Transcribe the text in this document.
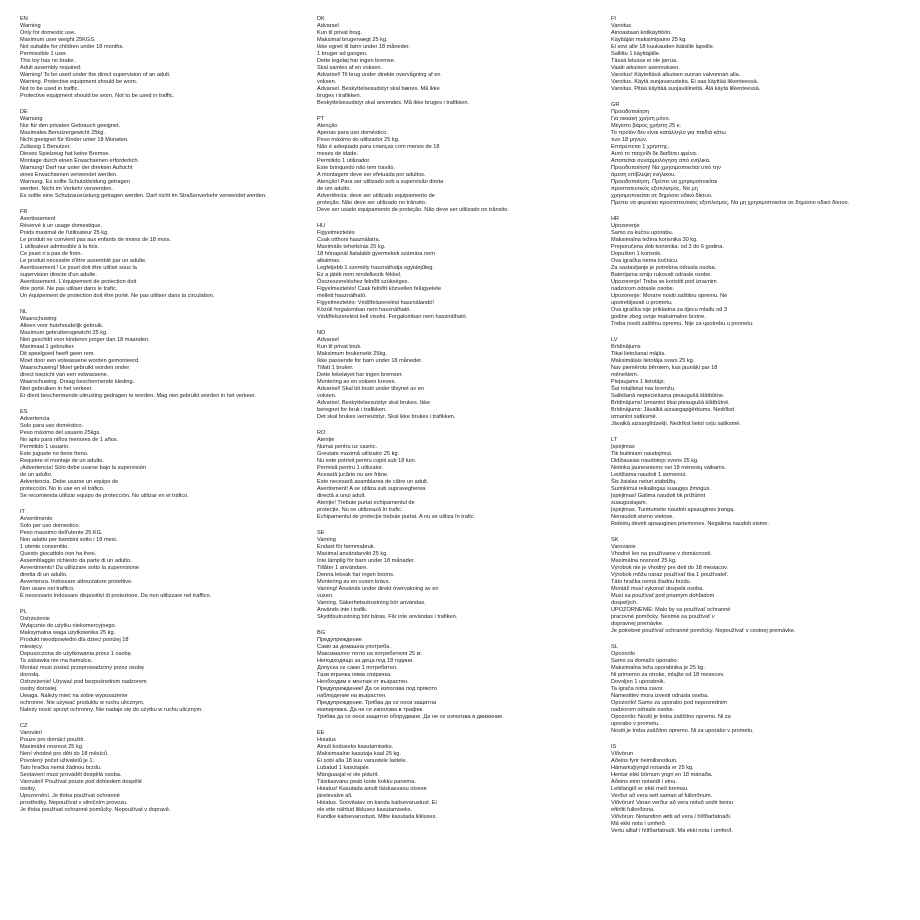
EN
Warning
Only for domestic use.
Maximum user weight 25KGS.
Not suitable for children under 18 months.
Permissible 1 user.
This toy has no brake.
Adult assembly required.
Warning! To be used under the direct supervision of an adult.
Warning. Protective equipment should be worn.
Not to be used in traffic.
Protective equipment should be worn. Not to be used in traffic.
DE
Warnung
Nur für den privaten Gebrauch geeignet.
Maximales Benutzergewicht 25kg.
Nicht geeignet für Kinder unter 18 Monaten.
Zulässig 1 Benutzer.
Dieses Spielzeug hat keine Bremse.
Montage durch einen Erwachsenen erforderlich.
Warnung! Darf nur unter der direkten Aufsicht
eines Erwachsenen verwendet werden.
Warnung. Es sollte Schutzkleidung getragen
werden. Nicht im Verkehr verwenden.
Es sollte eine Schutzausrüstung getragen werden. Darf nicht im Straßenverkehr verwendet werden.
FR
Avertissement
Réservé à un usage domestique.
Poids maximal de l'utilisateur 25 kg.
Le produit ne convient pas aux enfants de moins de 18 mois.
1 utilisateur admissible à la fois.
Ce jouet n'a pas de frein.
Le produit nécessite d'être assemblé par un adulte.
Avertissement ! Le jouet doit être utilisé sous la
supervision directe d'un adulte.
Avertissement. L'équipement de protection doit
être porté. Ne pas utiliser dans le trafic.
Un équipement de protection doit être porté. Ne pas utiliser dans la circulation.
NL
Waarschuwing
Alleen voor huishoudelijk gebruik.
Maximum gebruikersgewicht 25 kg.
Niet geschikt voor kinderen jonger dan 18 maanden.
Maximaal 1 gebruiker.
Dit speelgoed heeft geen rem.
Moet door een volwassene worden gemonteerd.
Waarschuwing! Moet gebruikt worden onder
direct toezicht van een volwassene.
Waarschuwing. Draag beschermende kleding.
Niet gebruiken in het verkeer.
Er dient beschermende uitrusting gedragen te worden. Mag niet gebruikt worden in het verkeer.
ES
Advertencia
Solo para uso doméstico.
Peso máximo del usuario 25kgs.
No apto para niños menores de 1 años.
Permitido 1 usuario.
Este juguete no tiene freno.
Requiere el montaje de un adulto.
¡Advertencia! Sólo debe usarse bajo la supervisión
de un adulto.
Advertencia. Debe usarse un equipo de
protección. No lo use en el tráfico.
Se recomienda utilizar equipo de protección. No utilizar en el tráfico.
IT
Avvertimento
Solo per uso domestico.
Peso massimo dell'utente 25 KG.
Non adatto per bambini sotto i 18 mesi.
1 utente consentito.
Questo giocattolo non ha freni.
Assemblaggio richiesto da parte di un adulto.
Avvertimento! Da utilizzare sotto la supervisione
diretta di un adulto.
Avvertenza. Indossare attrezzature protettive.
Non usare nel traffico.
È necessario indossare dispositivi di protezione. Da non utilizzare nel traffico.
PL
Ostrzeżenie
Wyłącznie do użytku niekomercyjnego.
Maksymalna waga użytkownika 25 kg.
Produkt nieodpowiedni dla dzieci poniżej 18
miesięcy.
Dopuszczona do użytkowania przez 1 osobę.
Ta zabawka nie ma hamulca.
Montaż musi zostać przeprowadzony przez osobę
dorosłą.
Ostrzeżenie! Używać pod bezpośrednim nadzorem
osoby dorosłej.
Uwaga. Należy mieć na sobie wyposażenie
ochronne. Nie używać produktu w ruchu ulicznym.
Należy nosić sprzęt ochronny. Nie nadaje się do użytku w ruchu ulicznym.
CZ
Varování
Pouze pro domácí použití.
Maximální nosnost 25 kg.
Není vhodné pro děti do 18 měsíců.
Povolený počet uživatelů je 1.
Tato hračka nemá žádnou brzdu.
Sestavení musí provádět dospělá osoba.
Varování! Používat pouze pod dohledem dospělé
osoby.
Upozornění. Je třeba používat ochranné
prostředky. Nepoužívat v silničním provozu.
Je třeba používat ochranné pomůcky. Nepoužívat v dopravě.
DK
Advarsel
Kun til privat brug.
Maksimal brugervægt 25 kg.
Ikke egnet til børn under 18 måneder.
1 bruger ad gangen.
Dette legetøj har ingen bremse.
Skal samles af en voksen.
Advarsel! Til brug under direkte overvågning af en
voksen.
Advarsel. Beskyttelsesudstyr skal bæres. Må ikke
bruges i trafikken.
Beskyttelsesudstyr skal anvendes. Må ikke bruges i trafikken.
PT
Atenção
Apenas para uso doméstico.
Peso máximo do utilizador 25 kg.
Não é adequado para crianças com menos de 18
meses de idade.
Permitido 1 utilizador.
Este brinquedo não tem travão.
A montagem deve ser efetuada por adultos.
Atenção! Para ser utilizado sob a supervisão direta
de um adulto.
Advertência: deve ser utilizado equipamento de
proteção. Não deve ser utilizado no trânsito.
Deve ser usado equipamento de proteção. Não deve ser utilizado no trânsito.
HU
Figyelmeztetés
Csak otthoni használatra.
Maximális teherbírás 25 kg.
18 hónapnál fiatalabb gyermekek számára nem
alkalmas.
Legfeljebb 1 személy használhatja egyidejűleg.
Ez a játék nem rendelkezik fékkel.
Összeszereléshez felnőtt szükséges.
Figyelmeztetés! Csak felnőtt közvetlen felügyelete
mellett használható.
Figyelmeztetés: Védőfelszerelést használandó!
Közúti forgalomban nem használható.
Védőfelszerelést kell viselni. Forgalomban nem használható.
NO
Advarsel
Kun til privat bruk.
Maksimum brukervekt 25kg.
Ikke passende for barn under 18 måneder.
Tillatt 1 bruker.
Dette leketøyet har ingen bremser.
Montering av en voksen kreves.
Advarsel! Skal bli brukt under tilsynet av en
voksen.
Advarsel. Beskyttelsesutstyr skal brukes. Ikke
beregnet for bruk i trafikken.
Det skal brukes verneutstyr. Skal ikke brukes i trafikken.
RO
Atenție
Numai pentru uz casnic.
Greutate maximă utilizator 25 kg.
Nu este potrivit pentru copiii sub 18 luni.
Permisă pentru 1 utilizator.
Această jucărie nu are frâne.
Este necesară asamblarea de către un adult.
Avertisment! A se utiliza sub supravegherea
directă a unui adult.
Atenție! Trebuie purtat echipamentul de
protecție. Nu se utilizează în trafic.
Echipamentul de protecție trebuie purtat. A nu se utiliza în trafic.
SE
Varning
Endast för hemmabruk.
Maximal användarvikt 25 kg.
Inte lämplig för barn under 18 månader.
Tillåter 1 användare.
Denna leksak har ingen broms.
Montering av en vuxen krävs.
Varning! Används under direkt övervakning av en
vuxen.
Varning. Säkerhetsutrustning bör användas.
Används inte i trafik.
Skyddsutrustning bör bäras. Får inte användas i trafiken.
BG
Предупреждение
Само за домашна употреба.
Максимално тегло на потребителя 25 кг.
Неподходящо за деца под 18 години.
Допуска се само 1 потребител.
Тази играчка няма спирачка.
Необходим е монтаж от възрастен.
Предупреждение! Да се използва под прякото
наблюдение на възрастен.
Предупреждение. Трябва да се носи защитна
екипировка. Да не се използва в трафик.
Трябва да се носи защитно оборудване. Да не се използва в движение.
EE
Hoiatus
Ainult koduseks kasutamiseks.
Maksimaalne kasutaja kaal 25 kg.
Ei sobi alla 18 kuu vanustele lastele.
Lubatud 1 kasutajale.
Mänguasjal ei ole pidurit.
Täiskasvanu peab toote kokku panema.
Hoiatus! Kasutada ainult täiskasvanu otsese
järelevalve all.
Hoiatus. Soovitatav on kanda kaitsevarustust. Ei
ole ette nähtud liikluses kasutamiseks.
Kandke kaitsevarustust. Mitte kasutada liikluses.
FI
Varoitus
Ainoastaan kotikäyttöön.
Käyttäjän maksimipaino 25 kg.
Ei sovi alle 18 kuukauden ikäisille lapsille.
Sallittu 1 käyttäjälle.
Tässä lelussa ei ole jarrua.
Vaatii aikuisen asennuksen.
Varoitus! Käytettävä aikuisen suoran valvonnan alla.
Varoitus. Käytä suojavarusteita. Ei saa käyttää liikenteessä.
Varoitus. Pitää käyttää suojavälineitä. Älä käytä liikenteessä.
GR
Προειδοποίηση
Για οικιακή χρήση μόνο.
Μέγιστο βάρος χρήστη 25 κ.
Το προϊόν δεν είναι κατάλληλο για παιδιά κάτω
των 18 μηνών.
Επιτρέπεται 1 χρήστης.
Αυτό το παιχνίδι δε διαθέτει φρένα.
Απαιτείται συναρμολόγηση από ενήλικα.
Προειδοποίηση! Να χρησιμοποιείται υπό την
άμεση επίβλεψη ενήλικου.
Προειδοποίηση. Πρέπει να χρησιμοποιείται
προστατευτικός εξοπλισμός. Να μη
χρησιμοποιείται σε δημόσιο οδικό δίκτυο.
Πρέπει να φοριέται προστατευτικός εξοπλισμός. Να μη χρησιμοποιείται σε δημόσιο οδικό δίκτυο.
HR
Upozorenje
Samo za kućnu uporabu.
Maksimalna težina korisnika 30 kg.
Preporučena dob korisnika: od 3 do 6 godina.
Dopušten 1 korisnik.
Ova igračka nema kočnicu.
Za sastavljanje je potrebna odrasla osoba.
Baterijama smiju rukovati odrasle osobe.
Upozorenje! Treba se koristiti pod izravnim
nadzorom odrasle osobe.
Upozorenje: Moraте nositi zaštitnu opremu. Ne
upotrebljavati u prometu.
Ova igračka nije prikladna za djecu mlađu od 3
godine zbog svoje maksimalne brzine.
Treba nositi zaštitnu opremu. Nije za upotrebu u prometu.
LV
Brīdinājums
Tikai lietošanai mājās.
Maksimālais lietotāja svars 25 kg.
Nav piemērots bērniem, kas jaunāki par 18
mēnešiem.
Pieļaujams 1 lietotājs.
Šai rotaļlietai nav bremžu.
Salikšanā nepieciešama pieaugušā klātbūtne.
Brīdinājums! Izmantot tikai pieaugušā klātbūtnē.
Brīdinājums: Jāvalkā aizsargapģērbums. Nedrīkst
izmantot satiksmē.
Jāvalkā aizsarglīdzekļi. Nedrīkst lietot ceļu satiksmē.
LT
Įspėjimas
Tik buitiniam naudojimui.
Didžiausias naudotojo svoris 25 kg.
Netinka jaunesniems nei 18 mėnesių vaikams.
Leidžiama naudoti 1 asmeniui.
Šis žaislas neturi stabdžių.
Surinkimui reikalingas suaugęs žmogus.
Įspėjimas! Galima naudoti tik prižiūrint
suaugusiajam.
Įspėjimas. Turėtumėte naudoti apsaugines įrangą.
Nenaudoti eismo vietose.
Reikėtų dėvėti apsaugines priemones. Negalima naudoti eisme.
SK
Varovanie
Vhodné len na používanie v domácnosti.
Maximálna nosnosť 25 kg.
Výrobok nie je vhodný pre deti do 18 mesiacov.
Výrobok môžu naraz používať iba 1 používateľ.
Táto hračka nemá žiadnu brzdu.
Montáž musí vykonať dospelá osoba.
Musí sa používať pod priamym dohľadom
dospelých.
UPOZORNENIE: Malo by sa používať ochranné
pracovné pomôcky. Nesmie sa používať v
dopravnej premávke.
Je potrebné používať ochranné pomôcky. Nepoužívať v cestnej premávke.
SL
Opozorilo
Samo za domačo uporabo.
Maksimalna teža uporabnika je 25 kg.
Ni primerno za otroke, mlajše od 18 mesecev.
Dovoljen 1 uporabnik.
Ta igrača nima zavor.
Namestitev mora izvesti odrasla oseba.
Opozorilo! Samo za uporabo pod neposrednim
nadzorom odrasle osebe.
Opozorilo: Nositi je treba zaščitno opremo. Ni za
uporabo v prometu.
Nositi je treba zaščitno opremo. Ni za uporabo v prometu.
IS
Viðvörun
Aðeins fyrir heimilisnotkun.
Hámarksþyngd notanda er 25 kg.
Hentar ekki börnum yngri en 18 mánaða.
Aðeins einn notandi í einu.
Leikfangið er ekki með bremsu.
Verður að vera sett saman af fullorðnum.
Viðvörun! Varan verður að vera notuð undir beinu
eftirliti fullorðinna.
Viðvörun: Notandinn ætti að vera í hlífðarfatnaði.
Má ekki nota í umferð.
Vertu alltaf í hlífðarfatnaði. Má ekki nota í umferð.
